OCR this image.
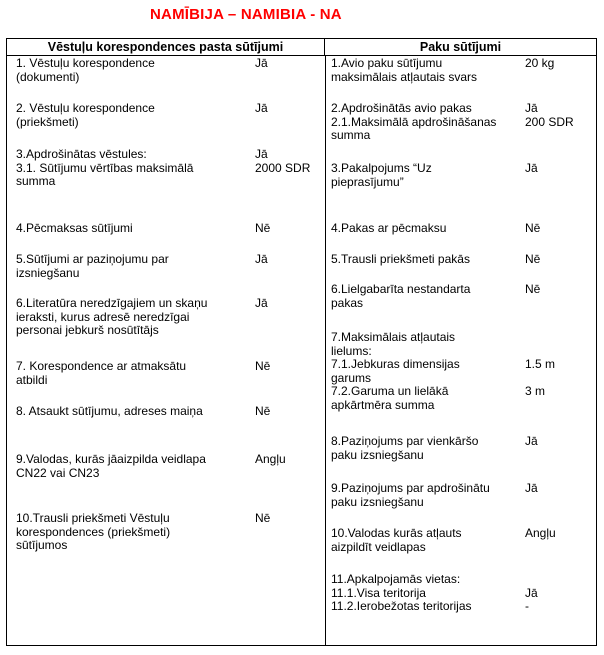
NAMĪBIJA – NAMIBIA - NA
Vēstuļu korespondences pasta sūtījumi	Paku sūtījumi
1. Vēstuļu korespondence
(dokumenti)
Jā
2. Vēstuļu korespondence
(priekšmeti)
Jā
3.Apdrošinātas vēstules:
3.1. Sūtījumu vērtības maksimālā
summa
Jā
2000 SDR
4.Pēcmaksas sūtījumi	Nē
5.Sūtījumi ar paziņojumu par
izsniegšanu
Jā
6.Literatūra neredzīgajiem un skaņu
ieraksti, kurus adresē neredzīgai
personai jebkurš nosūtītājs
Jā
7. Korespondence ar atmaksātu
atbildi
Nē
8. Atsaukt sūtījumu, adreses maiņa	Nē
9.Valodas, kurās jāaizpilda veidlapa
CN22 vai CN23
Angļu
10.Trausli priekšmeti Vēstuļu
korespondences (priekšmeti)
sūtījumos
Nē
1.Avio paku sūtījumu
maksimālais atļautais svars
20 kg
2.Apdrošinātās avio pakas
2.1.Maksimālā apdrošināšanas
summa
Jā
200 SDR
3.Pakalpojums “Uz
pieprasījumu”
Jā
4.Pakas ar pēcmaksu	Nē
5.Trausli priekšmeti pakās	Nē
6.Lielgabarīta nestandarta
pakas
Nē
7.Maksimālais atļautais
lielums:
7.1.Jebkuras dimensijas
garums
7.2.Garuma un lielākā
apkārtmēra summa

1.5 m

3 m
8.Paziņojums par vienkāršo
paku izsniegšanu
Jā
9.Paziņojums par apdrošinātu
paku izsniegšanu
Jā
10.Valodas kurās atļauts
aizpildīt veidlapas
Angļu
11.Apkalpojamās vietas:
11.1.Visa teritorija
11.2.Ierobežotas teritorijas

Jā
-
